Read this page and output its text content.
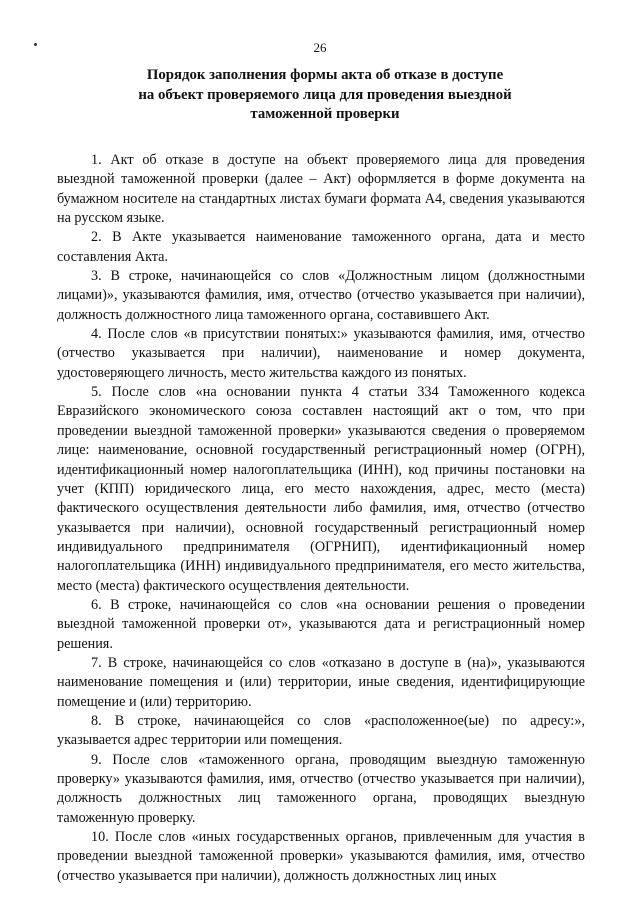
26
Порядок заполнения формы акта об отказе в доступе
на объект проверяемого лица для проведения выездной
таможенной проверки

1. Акт об отказе в доступе на объект проверяемого лица для проведения выездной таможенной проверки (далее – Акт) оформляется в форме документа на бумажном носителе на стандартных листах бумаги формата А4, сведения указываются на русском языке.

2. В Акте указывается наименование таможенного органа, дата и место составления Акта.

3. В строке, начинающейся со слов «Должностным лицом (должностными лицами)», указываются фамилия, имя, отчество (отчество указывается при наличии), должность должностного лица таможенного органа, составившего Акт.

4. После слов «в присутствии понятых:» указываются фамилия, имя, отчество (отчество указывается при наличии), наименование и номер документа, удостоверяющего личность, место жительства каждого из понятых.

5. После слов «на основании пункта 4 статьи 334 Таможенного кодекса Евразийского экономического союза составлен настоящий акт о том, что при проведении выездной таможенной проверки» указываются сведения о проверяемом лице: наименование, основной государственный регистрационный номер (ОГРН), идентификационный номер налогоплательщика (ИНН), код причины постановки на учет (КПП) юридического лица, его место нахождения, адрес, место (места) фактического осуществления деятельности либо фамилия, имя, отчество (отчество указывается при наличии), основной государственный регистрационный номер индивидуального предпринимателя (ОГРНИП), идентификационный номер налогоплательщика (ИНН) индивидуального предпринимателя, его место жительства, место (места) фактического осуществления деятельности.

6. В строке, начинающейся со слов «на основании решения о проведении выездной таможенной проверки от», указываются дата и регистрационный номер решения.

7. В строке, начинающейся со слов «отказано в доступе в (на)», указываются наименование помещения и (или) территории, иные сведения, идентифицирующие помещение и (или) территорию.

8. В строке, начинающейся со слов «расположенное(ые) по адресу:», указывается адрес территории или помещения.

9. После слов «таможенного органа, проводящим выездную таможенную проверку» указываются фамилия, имя, отчество (отчество указывается при наличии), должность должностных лиц таможенного органа, проводящих выездную таможенную проверку.

10. После слов «иных государственных органов, привлеченным для участия в проведении выездной таможенной проверки» указываются фамилия, имя, отчество (отчество указывается при наличии), должность должностных лиц иных
